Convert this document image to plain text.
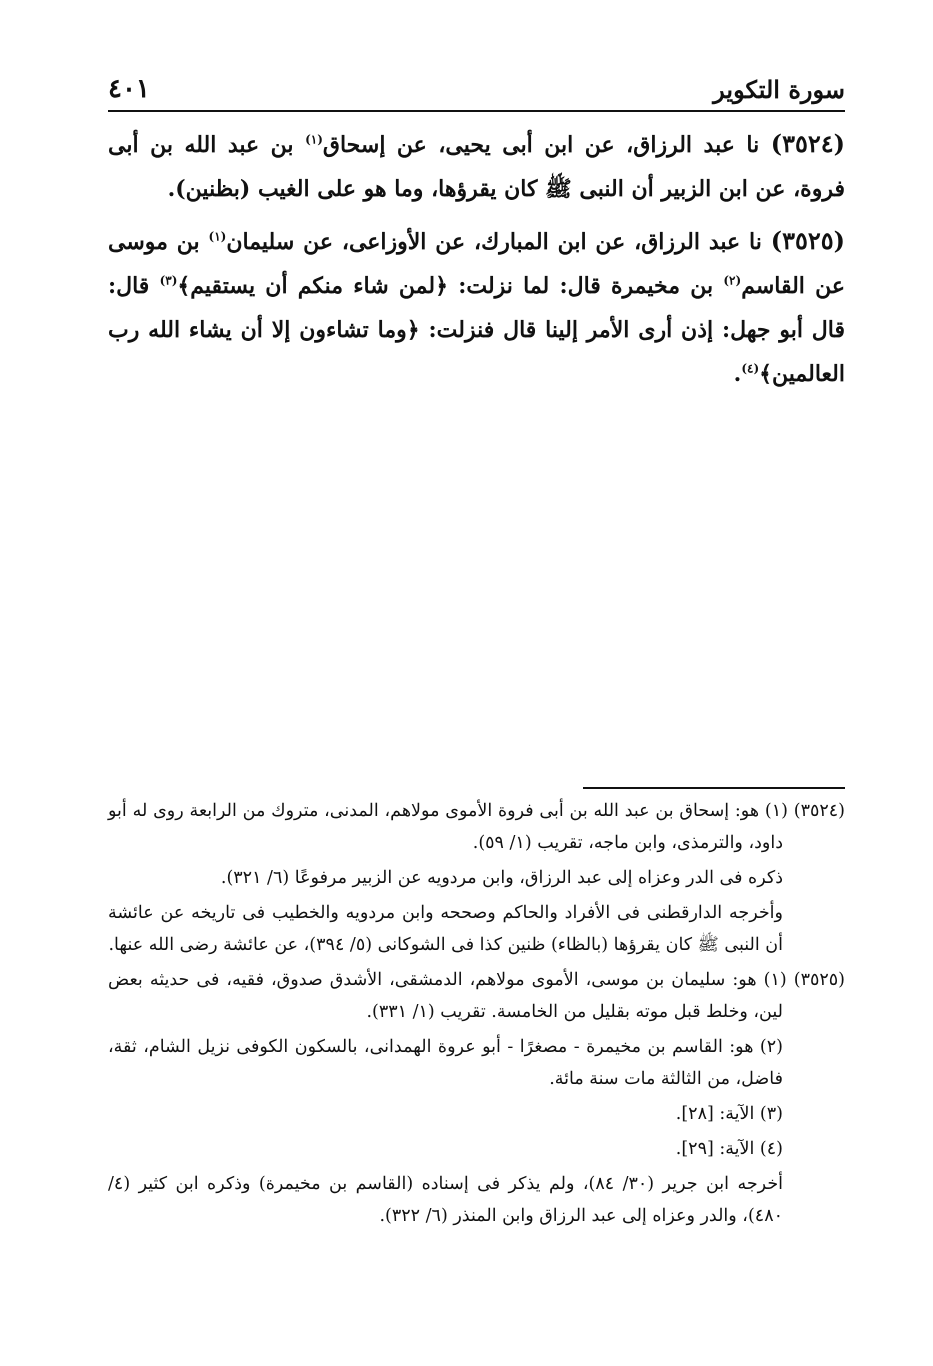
سورة التكوير
٤٠١

(٣٥٢٤) نا عبد الرزاق، عن ابن أبى يحيى، عن إسحاق$^{(١)}$ بن عبد الله بن أبى فروة، عن ابن الزبير أن النبى ﷺ كان يقرؤها، وما هو على الغيب (بظنين).

(٣٥٢٥) نا عبد الرزاق، عن ابن المبارك، عن الأوزاعى، عن سليمان$^{(١)}$ بن موسى عن القاسم$^{(٢)}$ بن مخيمرة قال: لما نزلت: ﴿لمن شاء منكم أن يستقيم﴾$^{(٣)}$ قال: قال أبو جهل: إذن أرى الأمر إلينا قال فنزلت: ﴿وما تشاءون إلا أن يشاء الله رب العالمين﴾$^{(٤)}$.

(٣٥٢٤) (١) هو: إسحاق بن عبد الله بن أبى فروة الأموى مولاهم، المدنى، متروك من الرابعة روى له أبو داود، والترمذى، وابن ماجه، تقريب (١/ ٥٩).

ذكره فى الدر وعزاه إلى عبد الرزاق، وابن مردويه عن الزبير مرفوعًا (٦/ ٣٢١).

وأخرجه الدارقطنى فى الأفراد والحاكم وصححه وابن مردويه والخطيب فى تاريخه عن عائشة أن النبى ﷺ كان يقرؤها (بالظاء) ظنين كذا فى الشوكانى (٥/ ٣٩٤)، عن عائشة رضى الله عنها.

(٣٥٢٥) (١) هو: سليمان بن موسى، الأموى مولاهم، الدمشقى، الأشدق صدوق، فقيه، فى حديثه بعض لين، وخلط قبل موته بقليل من الخامسة. تقريب (١/ ٣٣١).

(٢) هو: القاسم بن مخيمرة - مصغرًا - أبو عروة الهمدانى، بالسكون الكوفى نزيل الشام، ثقة، فاضل، من الثالثة مات سنة مائة.

(٣) الآية: [٢٨].

(٤) الآية: [٢٩].

أخرجه ابن جرير (٣٠/ ٨٤)، ولم يذكر فى إسناده (القاسم بن مخيمرة) وذكره ابن كثير (٤/ ٤٨٠)، والدر وعزاه إلى عبد الرزاق وابن المنذر (٦/ ٣٢٢).
